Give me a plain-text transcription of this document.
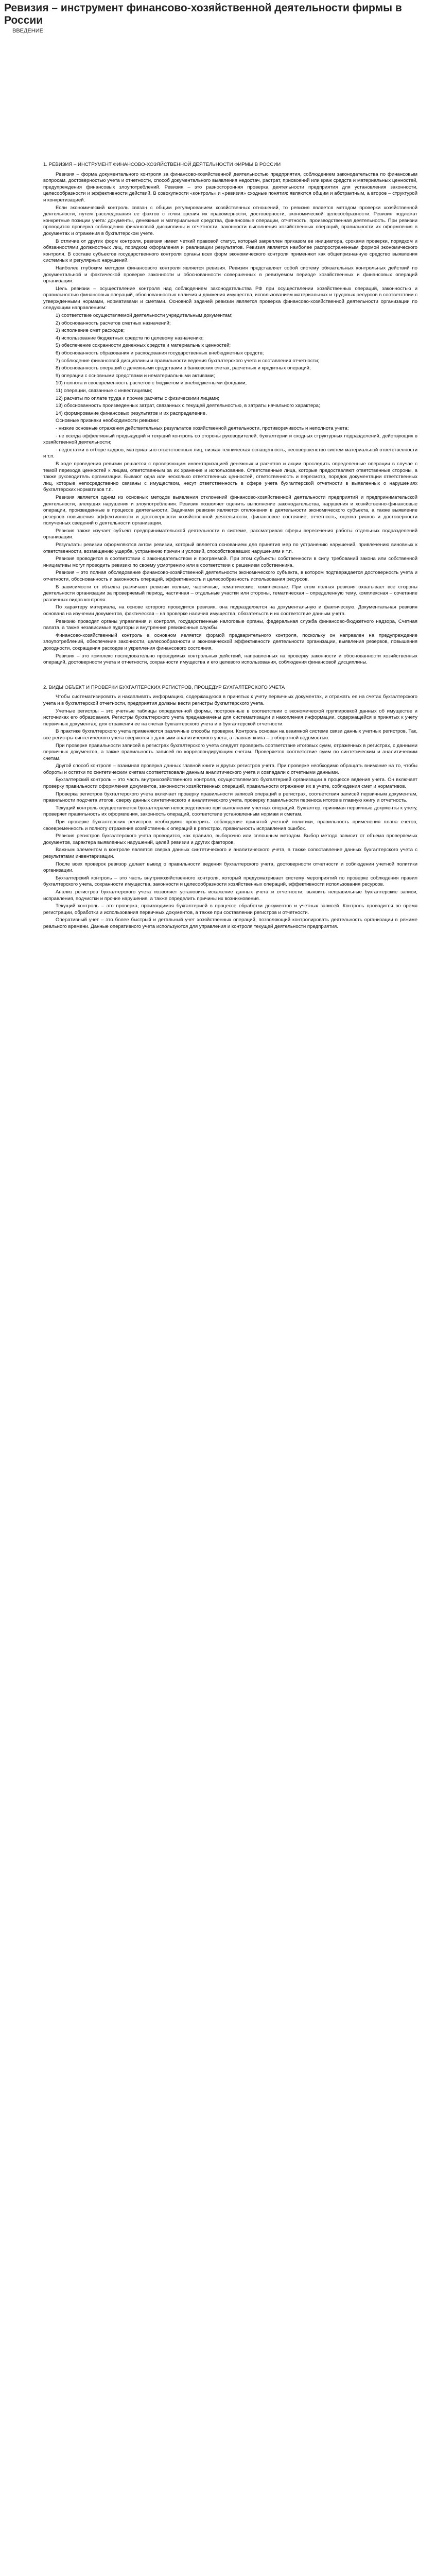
Ревизия – инструмент финансово-хозяйственной деятельности фирмы в России
ВВЕДЕНИЕ

1. РЕВИЗИЯ – ИНСТРУМЕНТ ФИНАНСОВО-ХОЗЯЙСТВЕННОЙ ДЕЯТЕЛЬНОСТИ ФИРМЫ В РОССИИ

Ревизия – форма документального контроля за финансово-хозяйственной деятельностью предприятия, соблюдением законодательства по финансовым вопросам, достоверностью учета и отчетности, способ документального выявления недостач, растрат, присвоений или краж средств и материальных ценностей, предупреждения финансовых злоупотреблений. Ревизия – это разносторонняя проверка деятельности предприятия для установления законности, целесообразности и эффективности действий. В совокупности «контроль» и «ревизия» сходные понятия: являются общим и абстрактным, а второе – структурой и конкретизацией.

Если экономический контроль связан с общим регулированием хозяйственных отношений, то ревизия является методом проверки хозяйственной деятельности, путем расследования ее фактов с точки зрения их правомерности, достоверности, экономической целесообразности. Ревизия подлежат конкретные позиции учета: документы, денежные и материальные средства, финансовые операции, отчетность, производственная деятельность. При ревизии проводится проверка соблюдения финансовой дисциплины и отчетности, законности выполнения хозяйственных операций, правильности их оформления в документах и отражения в бухгалтерском учете.

В отличие от других форм контроля, ревизия имеет четкий правовой статус, который закреплен приказом ее инициатора, сроками проверки, порядком и обязанностями должностных лиц, порядком оформления и реализации результатов. Ревизия является наиболее распространенным формой экономического контроля. В составе субъектов государственного контроля органы всех форм экономического контроля применяют как общепризнанную средство выявления системных и регулярных нарушений.

Наиболее глубоким методом финансового контроля является ревизия. Ревизия представляет собой систему обязательных контрольных действий по документальной и фактической проверке законности и обоснованности совершенных в ревизуемом периоде хозяйственных и финансовых операций организации.

Цель ревизии – осуществление контроля над соблюдением законодательства РФ при осуществлении хозяйственных операций, законностью и правильностью финансовых операций, обоснованностью наличия и движения имущества, использованием материальных и трудовых ресурсов в соответствии с утвержденными нормами, нормативами и сметами. Основной задачей ревизии является проверка финансово-хозяйственной деятельности организации по следующим направлениям:

1) соответствие осуществляемой деятельности учредительным документам;

2) обоснованность расчетов сметных назначений;

3) исполнение смет расходов;

4) использование бюджетных средств по целевому назначению;

5) обеспечение сохранности денежных средств и материальных ценностей;

6) обоснованность образования и расходования государственных внебюджетных средств;

7) соблюдение финансовой дисциплины и правильности ведения бухгалтерского учета и составления отчетности;

8) обоснованность операций с денежными средствами в банковских счетах, расчетных и кредитных операций;

9) операции с основными средствами и нематериальными активами;

10) полнота и своевременность расчетов с бюджетом и внебюджетными фондами;

11) операции, связанные с инвестициями;

12) расчеты по оплате труда и прочие расчеты с физическими лицами;

13) обоснованность произведенных затрат, связанных с текущей деятельностью, в затраты начального характера;

14) формирование финансовых результатов и их распределение.

Основные признаки необходимости ревизии:

- низкие основные отражения действительных результатов хозяйственной деятельности, противоречивость и неполнота учета;

- не всегда эффективный предыдущий и текущий контроль со стороны руководителей, бухгалтерии и сходных структурных подразделений, действующих в хозяйственной деятельности;

- недостатки в отборе кадров, материально-ответственных лиц, низкая техническая оснащенность, несовершенство систем материальной ответственности и т.п.

В ходе проведения ревизии решается с проверяющим инвентаризацией денежных и расчетов и акции проследить определенные операции в случае с темой перехода ценностей к лицам, ответственным за их хранение и использование. Ответственные лица, которые предоставляют ответственные стороны, а также руководитель организации. Бывают одна или несколько ответственных ценностей, ответственность и пересмотр, порядок документации ответственных лиц, которые непосредственно связаны с имуществом, несут ответственность в сфере учета бухгалтерской отчетности в выявленных о нарушениях бухгалтерских нормативов т.п.

Ревизия является одним из основных методов выявления отклонений финансово-хозяйственной деятельности предприятий и предпринимательской деятельности, влекущих нарушения и злоупотребления. Ревизия позволяет оценить выполнение законодательства, нарушения и хозяйственно-финансовые операции, произведенные в процессе деятельности. Задачами ревизии являются отклонения в деятельности экономического субъекта, а также выявление резервов повышения эффективности и достоверности хозяйственной деятельности, финансовое состояние, отчетность, оценка рисков и достоверности полученных сведений о деятельности организации.

Ревизия также изучает субъект предпринимательской деятельности в системе, рассматривая сферы пересечения работы отдельных подразделений организации.

Результаты ревизии оформляются актом ревизии, который является основанием для принятия мер по устранению нарушений, привлечению виновных к ответственности, возмещению ущерба, устранению причин и условий, способствовавших нарушениям и т.п.

Ревизия проводится в соответствии с законодательством и программой. При этом субъекты собственности в силу требований закона или собственной инициативы могут проводить ревизию по своему усмотрению или в соответствии с решением собственника.

Ревизия – это полная обследование финансово-хозяйственной деятельности экономического субъекта, в котором подтверждается достоверность учета и отчетности, обоснованность и законность операций, эффективность и целесообразность использования ресурсов.

В зависимости от объекта различают ревизии полные, частичные, тематические, комплексные. При этом полная ревизия охватывает все стороны деятельности организации за проверяемый период, частичная – отдельные участки или стороны, тематическая – определенную тему, комплексная – сочетание различных видов контроля.

По характеру материала, на основе которого проводится ревизия, она подразделяется на документальную и фактическую. Документальная ревизия основана на изучении документов, фактическая – на проверке наличия имущества, обязательств и их соответствие данным учета.

Ревизию проводят органы управления и контроля, государственные налоговые органы, федеральная служба финансово-бюджетного надзора, Счетная палата, а также независимые аудиторы и внутренние ревизионные службы.

Финансово-хозяйственный контроль в основном является формой предварительного контроля, поскольку он направлен на предупреждение злоупотреблений, обеспечение законности, целесообразности и экономической эффективности деятельности организации, выявления резервов, повышения доходности, сокращения расходов и укрепления финансового состояния.

Ревизия – это комплекс последовательно проводимых контрольных действий, направленных на проверку законности и обоснованности хозяйственных операций, достоверности учета и отчетности, сохранности имущества и его целевого использования, соблюдения финансовой дисциплины.

2. ВИДЫ ОБЪЕКТ И ПРОВЕРКИ БУХГАЛТЕРСКИХ РЕГИСТРОВ, ПРОЦЕДУР БУХГАЛТЕРСКОГО УЧЕТА

Чтобы систематизировать и накапливать информацию, содержащуюся в принятых к учету первичных документах, и отражать ее на счетах бухгалтерского учета и в бухгалтерской отчетности, предприятия должны вести регистры бухгалтерского учета.

Учетные регистры – это учетные таблицы определенной формы, построенные в соответствии с экономической группировкой данных об имуществе и источниках его образования. Регистры бухгалтерского учета предназначены для систематизации и накопления информации, содержащейся в принятых к учету первичных документах, для отражения ее на счетах бухгалтерского учета и в бухгалтерской отчетности.

В практике бухгалтерского учета применяются различные способы проверки. Контроль основан на взаимной системе связи данных учетных регистров. Так, все регистры синтетического учета сверяются с данными аналитического учета, а главная книга – с оборотной ведомостью.

При проверке правильности записей в регистрах бухгалтерского учета следует проверить соответствие итоговых сумм, отраженных в регистрах, с данными первичных документов, а также правильность записей по корреспондирующим счетам. Проверяется соответствие сумм по синтетическим и аналитическим счетам.

Другой способ контроля – взаимная проверка данных главной книги и других регистров учета. При проверке необходимо обращать внимание на то, чтобы обороты и остатки по синтетическим счетам соответствовали данным аналитического учета и совпадали с отчетными данными.

Бухгалтерский контроль – это часть внутрихозяйственного контроля, осуществляемого бухгалтерией организации в процессе ведения учета. Он включает проверку правильности оформления документов, законности хозяйственных операций, правильности отражения их в учете, соблюдения смет и нормативов.

Проверка регистров бухгалтерского учета включает проверку правильности записей операций в регистрах, соответствия записей первичным документам, правильности подсчета итогов, сверку данных синтетического и аналитического учета, проверку правильности переноса итогов в главную книгу и отчетность.

Текущий контроль осуществляется бухгалтерами непосредственно при выполнении учетных операций. Бухгалтер, принимая первичные документы к учету, проверяет правильность их оформления, законность операций, соответствие установленным нормам и сметам.

При проверке бухгалтерских регистров необходимо проверить: соблюдение принятой учетной политики, правильность применения плана счетов, своевременность и полноту отражения хозяйственных операций в регистрах, правильность исправления ошибок.

Ревизия регистров бухгалтерского учета проводится, как правило, выборочно или сплошным методом. Выбор метода зависит от объема проверяемых документов, характера выявленных нарушений, целей ревизии и других факторов.

Важным элементом в контроле является сверка данных синтетического и аналитического учета, а также сопоставление данных бухгалтерского учета с результатами инвентаризации.

После всех проверок ревизор делает вывод о правильности ведения бухгалтерского учета, достоверности отчетности и соблюдении учетной политики организации.

Бухгалтерский контроль – это часть внутрихозяйственного контроля, который предусматривает систему мероприятий по проверке соблюдения правил бухгалтерского учета, сохранности имущества, законности и целесообразности хозяйственных операций, эффективности использования ресурсов.

Анализ регистров бухгалтерского учета позволяет установить искажение данных учета и отчетности, выявить неправильные бухгалтерские записи, исправления, подчистки и прочие нарушения, а также определить причины их возникновения.

Текущий контроль – это проверка, производимая бухгалтерией в процессе обработки документов и учетных записей. Контроль проводится во время регистрации, обработки и использования первичных документов, а также при составлении регистров и отчетности.

Оперативный учет – это более быстрый и детальный учет хозяйственных операций, позволяющий контролировать деятельность организации в режиме реального времени. Данные оперативного учета используются для управления и контроля текущей деятельности предприятия.
